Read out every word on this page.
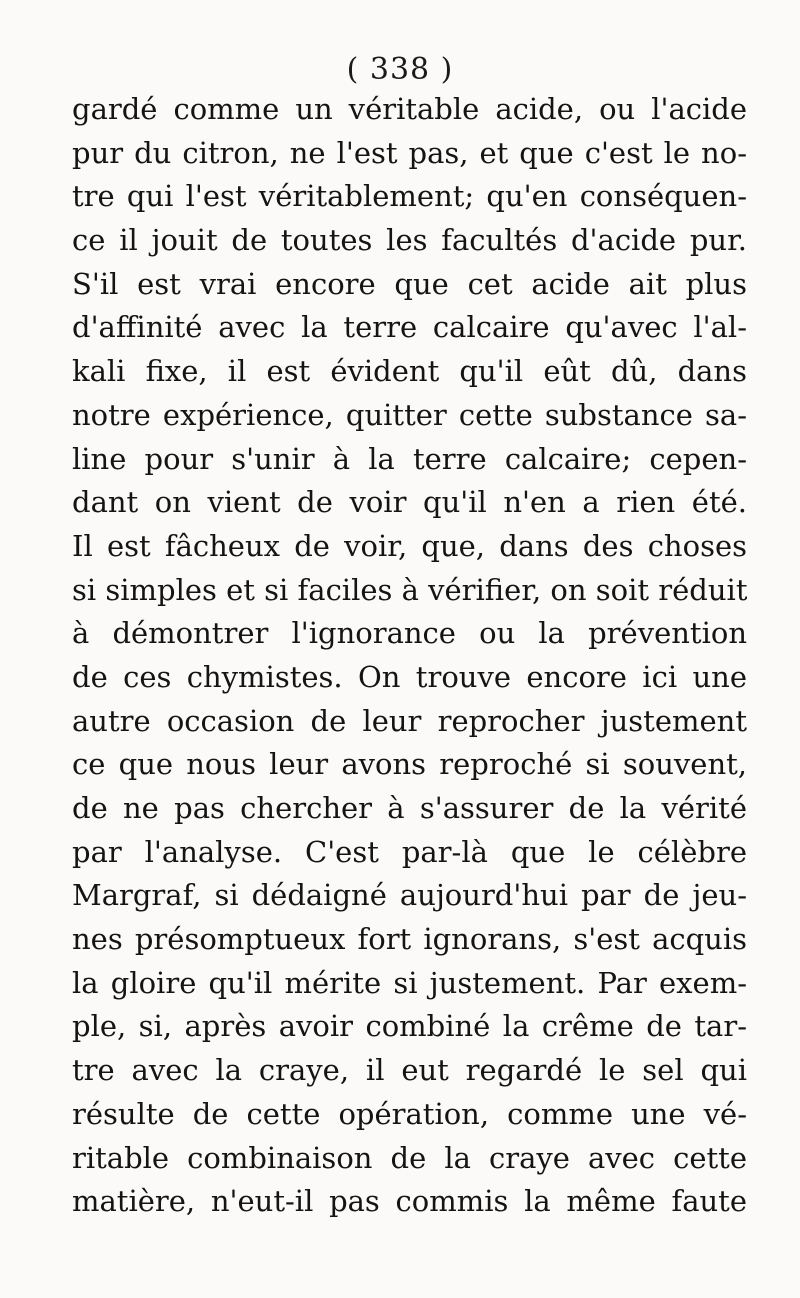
( 338 )
gardé comme un véritable acide, ou l'acide
pur du citron, ne l'est pas, et que c'est le no-
tre qui l'est véritablement; qu'en conséquen-
ce il jouit de toutes les facultés d'acide pur.
S'il est vrai encore que cet acide ait plus
d'affinité avec la terre calcaire qu'avec l'al-
kali fixe, il est évident qu'il eût dû, dans
notre expérience, quitter cette substance sa-
line pour s'unir à la terre calcaire; cepen-
dant on vient de voir qu'il n'en a rien été.
Il est fâcheux de voir, que, dans des choses
si simples et si faciles à vérifier, on soit réduit
à démontrer l'ignorance ou la prévention
de ces chymistes. On trouve encore ici une
autre occasion de leur reprocher justement
ce que nous leur avons reproché si souvent,
de ne pas chercher à s'assurer de la vérité
par l'analyse. C'est par-là que le célèbre
Margraf, si dédaigné aujourd'hui par de jeu-
nes présomptueux fort ignorans, s'est acquis
la gloire qu'il mérite si justement. Par exem-
ple, si, après avoir combiné la crême de tar-
tre avec la craye, il eut regardé le sel qui
résulte de cette opération, comme une vé-
ritable combinaison de la craye avec cette
matière, n'eut-il pas commis la même faute
